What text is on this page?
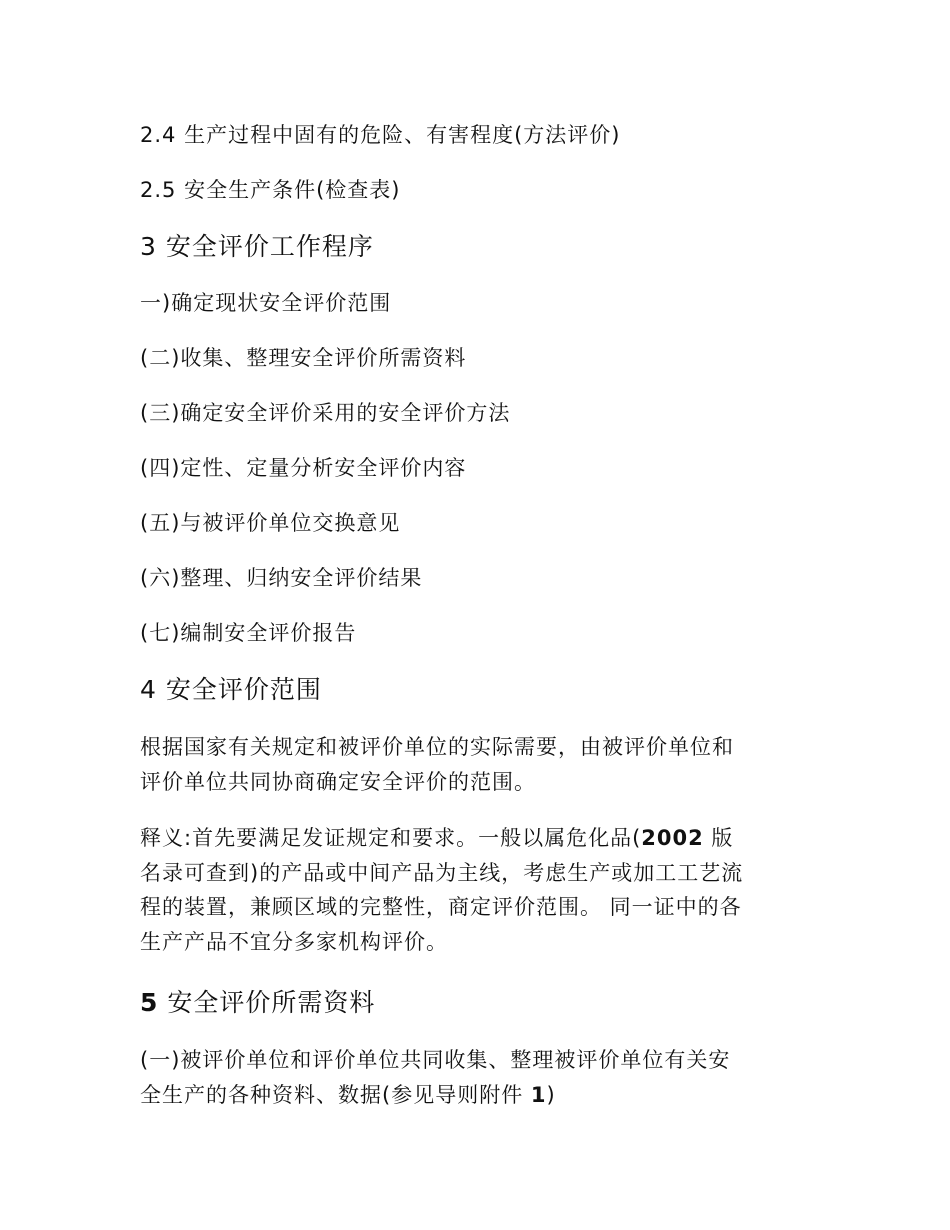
2.4 生产过程中固有的危险、有害程度(方法评价)
2.5 安全生产条件(检查表)
3 安全评价工作程序
一)确定现状安全评价范围
(二)收集、整理安全评价所需资料
(三)确定安全评价采用的安全评价方法
(四)定性、定量分析安全评价内容
(五)与被评价单位交换意见
(六)整理、归纳安全评价结果
(七)编制安全评价报告
4 安全评价范围
根据国家有关规定和被评价单位的实际需要，由被评价单位和
评价单位共同协商确定安全评价的范围。
释义:首先要满足发证规定和要求。一般以属危化品(2002 版
名录可查到)的产品或中间产品为主线，考虑生产或加工工艺流
程的装置，兼顾区域的完整性，商定评价范围。 同一证中的各
生产产品不宜分多家机构评价。
5 安全评价所需资料
(一)被评价单位和评价单位共同收集、整理被评价单位有关安
全生产的各种资料、数据(参见导则附件 1)
